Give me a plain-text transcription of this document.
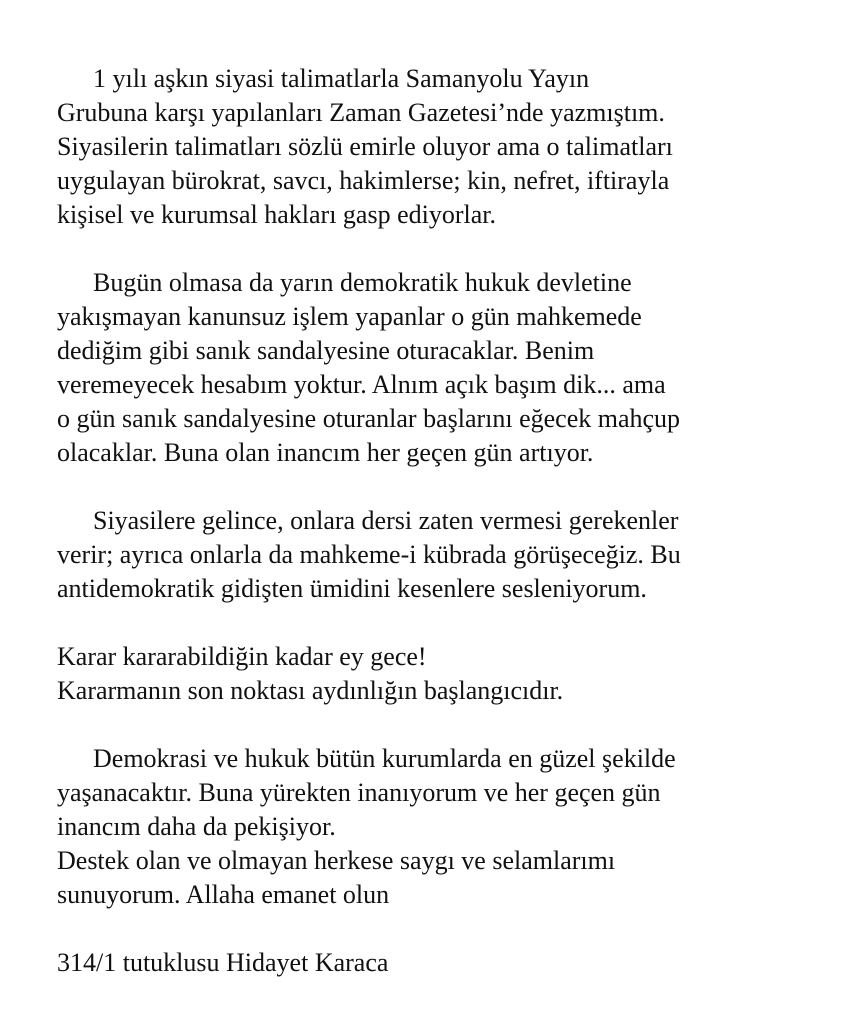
1 yılı aşkın siyasi talimatlarla Samanyolu Yayın
Grubuna karşı yapılanları Zaman Gazetesi’nde yazmıştım.
Siyasilerin talimatları sözlü emirle oluyor ama o talimatları
uygulayan bürokrat, savcı, hakimlerse; kin, nefret, iftirayla
kişisel ve kurumsal hakları gasp ediyorlar.
Bugün olmasa da yarın demokratik hukuk devletine
yakışmayan kanunsuz işlem yapanlar o gün mahkemede
dediğim gibi sanık sandalyesine oturacaklar. Benim
veremeyecek hesabım yoktur. Alnım açık başım dik... ama
o gün sanık sandalyesine oturanlar başlarını eğecek mahçup
olacaklar. Buna olan inancım her geçen gün artıyor.
Siyasilere gelince, onlara dersi zaten vermesi gerekenler
verir; ayrıca onlarla da mahkeme-i kübrada görüşeceğiz. Bu
antidemokratik gidişten ümidini kesenlere sesleniyorum.
Karar kararabildiğin kadar ey gece!
Kararmanın son noktası aydınlığın başlangıcıdır.
Demokrasi ve hukuk bütün kurumlarda en güzel şekilde
yaşanacaktır. Buna yürekten inanıyorum ve her geçen gün
inancım daha da pekişiyor.
Destek olan ve olmayan herkese saygı ve selamlarımı
sunuyorum. Allaha emanet olun
314/1 tutuklusu Hidayet Karaca
